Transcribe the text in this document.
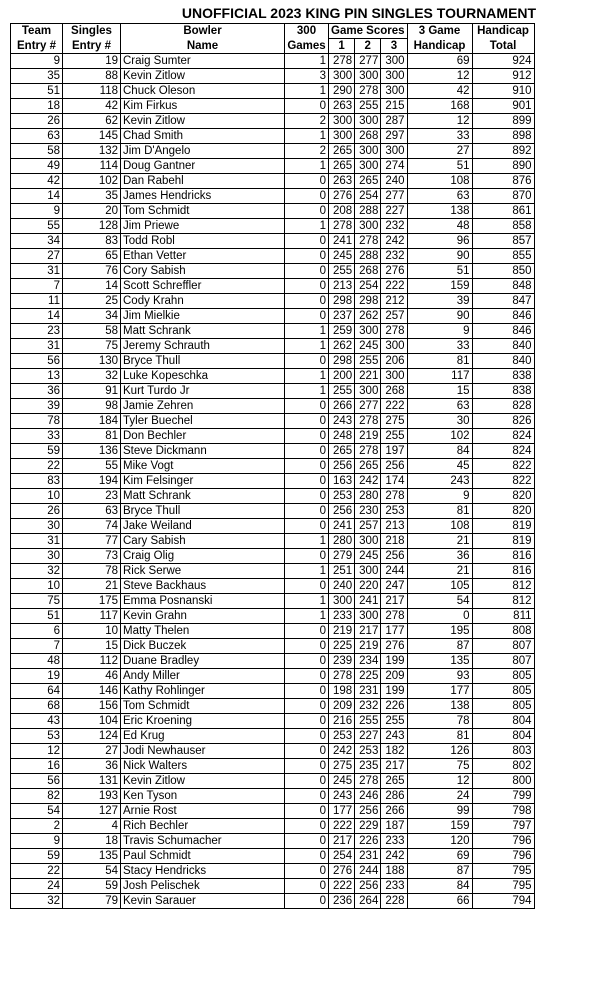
UNOFFICIAL 2023 KING PIN SINGLES TOURNAMENT
Team	Singles	Bowler	300	Game Scores			3 Game	Handicap
Entry #	Entry #	Name	Games	1	2	3	Handicap	Total
9	19	Craig Sumter	1	278	277	300	69	924
35	88	Kevin Zitlow	3	300	300	300	12	912
51	118	Chuck Oleson	1	290	278	300	42	910
18	42	Kim Firkus	0	263	255	215	168	901
26	62	Kevin Zitlow	2	300	300	287	12	899
63	145	Chad Smith	1	300	268	297	33	898
58	132	Jim D'Angelo	2	265	300	300	27	892
49	114	Doug Gantner	1	265	300	274	51	890
42	102	Dan Rabehl	0	263	265	240	108	876
14	35	James Hendricks	0	276	254	277	63	870
9	20	Tom Schmidt	0	208	288	227	138	861
55	128	Jim Priewe	1	278	300	232	48	858
34	83	Todd Robl	0	241	278	242	96	857
27	65	Ethan Vetter	0	245	288	232	90	855
31	76	Cory Sabish	0	255	268	276	51	850
7	14	Scott Schreffler	0	213	254	222	159	848
11	25	Cody Krahn	0	298	298	212	39	847
14	34	Jim Mielkie	0	237	262	257	90	846
23	58	Matt Schrank	1	259	300	278	9	846
31	75	Jeremy Schrauth	1	262	245	300	33	840
56	130	Bryce Thull	0	298	255	206	81	840
13	32	Luke Kopeschka	1	200	221	300	117	838
36	91	Kurt Turdo Jr	1	255	300	268	15	838
39	98	Jamie Zehren	0	266	277	222	63	828
78	184	Tyler Buechel	0	243	278	275	30	826
33	81	Don Bechler	0	248	219	255	102	824
59	136	Steve Dickmann	0	265	278	197	84	824
22	55	Mike Vogt	0	256	265	256	45	822
83	194	Kim Felsinger	0	163	242	174	243	822
10	23	Matt Schrank	0	253	280	278	9	820
26	63	Bryce Thull	0	256	230	253	81	820
30	74	Jake Weiland	0	241	257	213	108	819
31	77	Cary Sabish	1	280	300	218	21	819
30	73	Craig Olig	0	279	245	256	36	816
32	78	Rick Serwe	1	251	300	244	21	816
10	21	Steve Backhaus	0	240	220	247	105	812
75	175	Emma Posnanski	1	300	241	217	54	812
51	117	Kevin Grahn	1	233	300	278	0	811
6	10	Matty Thelen	0	219	217	177	195	808
7	15	Dick Buczek	0	225	219	276	87	807
48	112	Duane Bradley	0	239	234	199	135	807
19	46	Andy Miller	0	278	225	209	93	805
64	146	Kathy Rohlinger	0	198	231	199	177	805
68	156	Tom Schmidt	0	209	232	226	138	805
43	104	Eric Kroening	0	216	255	255	78	804
53	124	Ed Krug	0	253	227	243	81	804
12	27	Jodi Newhauser	0	242	253	182	126	803
16	36	Nick Walters	0	275	235	217	75	802
56	131	Kevin Zitlow	0	245	278	265	12	800
82	193	Ken Tyson	0	243	246	286	24	799
54	127	Arnie Rost	0	177	256	266	99	798
2	4	Rich Bechler	0	222	229	187	159	797
9	18	Travis Schumacher	0	217	226	233	120	796
59	135	Paul Schmidt	0	254	231	242	69	796
22	54	Stacy Hendricks	0	276	244	188	87	795
24	59	Josh Pelischek	0	222	256	233	84	795
32	79	Kevin Sarauer	0	236	264	228	66	794
